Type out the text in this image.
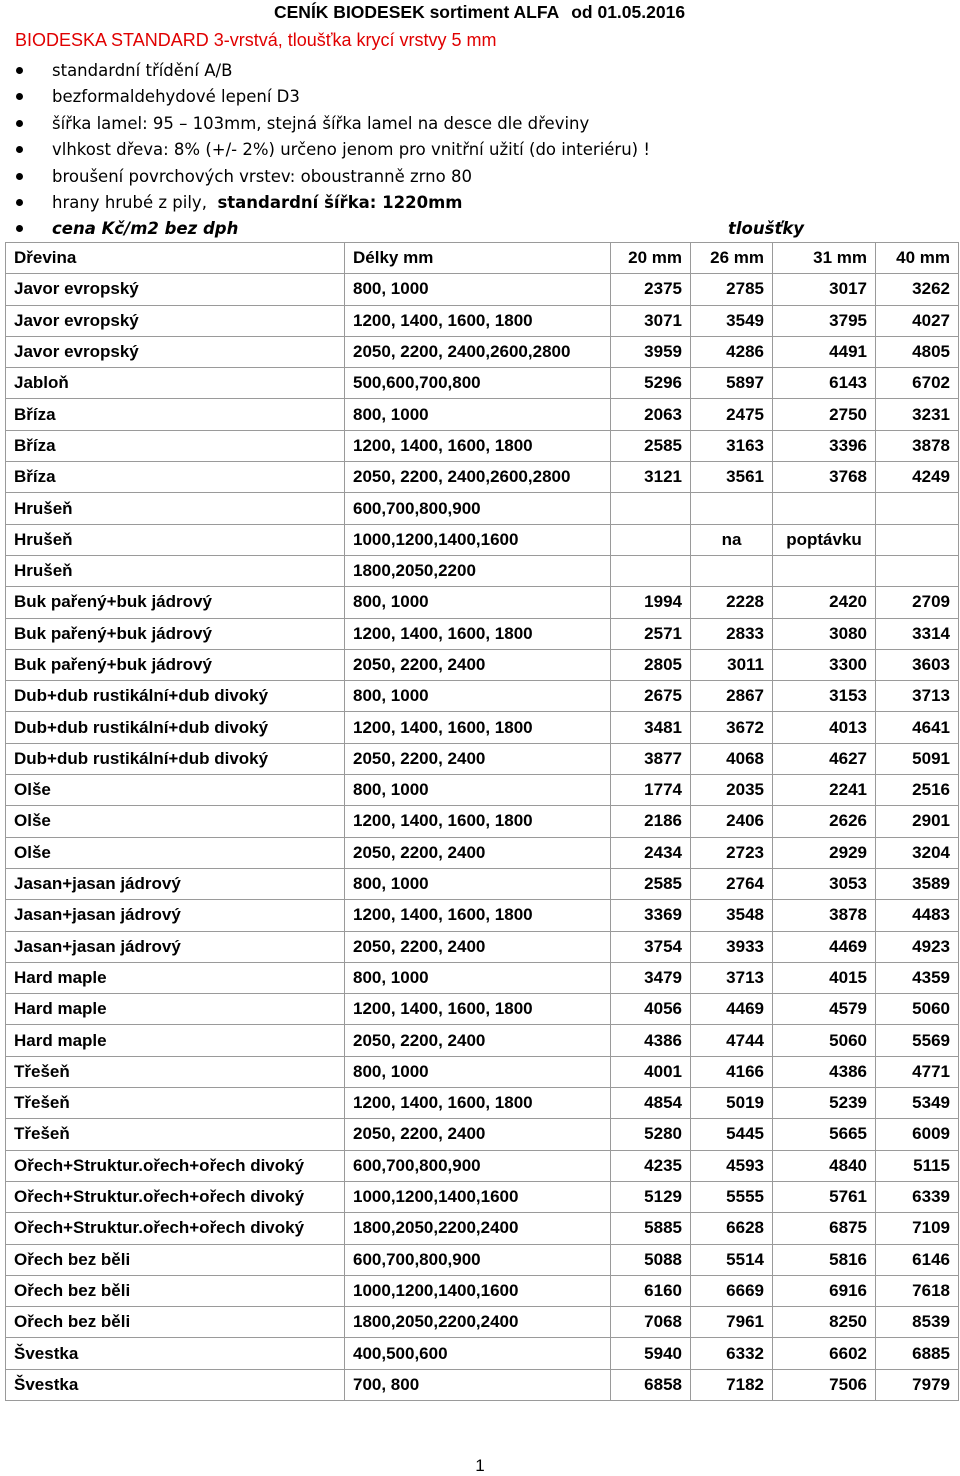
CENÍK BIODESEK sortiment ALFA od 01.05.2016
BIODESKA STANDARD 3-vrstvá, tloušťka krycí vrstvy 5 mm
standardní třídění A/B
bezformaldehydové lepení D3
šířka lamel: 95 – 103mm, stejná šířka lamel na desce dle dřeviny
vlhkost dřeva: 8% (+/- 2%) určeno jenom pro vnitřní užití (do interiéru) !
broušení povrchových vrstev: oboustranně zrno 80
hrany hrubé z pily, standardní šířka: 1220mm
cena Kč/m2 bez dph	tloušťky
Dřevina	Délky mm	20 mm	26 mm	31 mm	40 mm
Javor evropský	800, 1000	2375	2785	3017	3262
Javor evropský	1200, 1400, 1600, 1800	3071	3549	3795	4027
Javor evropský	2050, 2200, 2400,2600,2800	3959	4286	4491	4805
Jabloň	500,600,700,800	5296	5897	6143	6702
Bříza	800, 1000	2063	2475	2750	3231
Bříza	1200, 1400, 1600, 1800	2585	3163	3396	3878
Bříza	2050, 2200, 2400,2600,2800	3121	3561	3768	4249
Hrušeň	600,700,800,900				
Hrušeň	1000,1200,1400,1600		na	poptávku	
Hrušeň	1800,2050,2200				
Buk pařený+buk jádrový	800, 1000	1994	2228	2420	2709
Buk pařený+buk jádrový	1200, 1400, 1600, 1800	2571	2833	3080	3314
Buk pařený+buk jádrový	2050, 2200, 2400	2805	3011	3300	3603
Dub+dub rustikální+dub divoký	800, 1000	2675	2867	3153	3713
Dub+dub rustikální+dub divoký	1200, 1400, 1600, 1800	3481	3672	4013	4641
Dub+dub rustikální+dub divoký	2050, 2200, 2400	3877	4068	4627	5091
Olše	800, 1000	1774	2035	2241	2516
Olše	1200, 1400, 1600, 1800	2186	2406	2626	2901
Olše	2050, 2200, 2400	2434	2723	2929	3204
Jasan+jasan jádrový	800, 1000	2585	2764	3053	3589
Jasan+jasan jádrový	1200, 1400, 1600, 1800	3369	3548	3878	4483
Jasan+jasan jádrový	2050, 2200, 2400	3754	3933	4469	4923
Hard maple	800, 1000	3479	3713	4015	4359
Hard maple	1200, 1400, 1600, 1800	4056	4469	4579	5060
Hard maple	2050, 2200, 2400	4386	4744	5060	5569
Třešeň	800, 1000	4001	4166	4386	4771
Třešeň	1200, 1400, 1600, 1800	4854	5019	5239	5349
Třešeň	2050, 2200, 2400	5280	5445	5665	6009
Ořech+Struktur.ořech+ořech divoký	600,700,800,900	4235	4593	4840	5115
Ořech+Struktur.ořech+ořech divoký	1000,1200,1400,1600	5129	5555	5761	6339
Ořech+Struktur.ořech+ořech divoký	1800,2050,2200,2400	5885	6628	6875	7109
Ořech bez běli	600,700,800,900	5088	5514	5816	6146
Ořech bez běli	1000,1200,1400,1600	6160	6669	6916	7618
Ořech bez běli	1800,2050,2200,2400	7068	7961	8250	8539
Švestka	400,500,600	5940	6332	6602	6885
Švestka	700, 800	6858	7182	7506	7979
1
